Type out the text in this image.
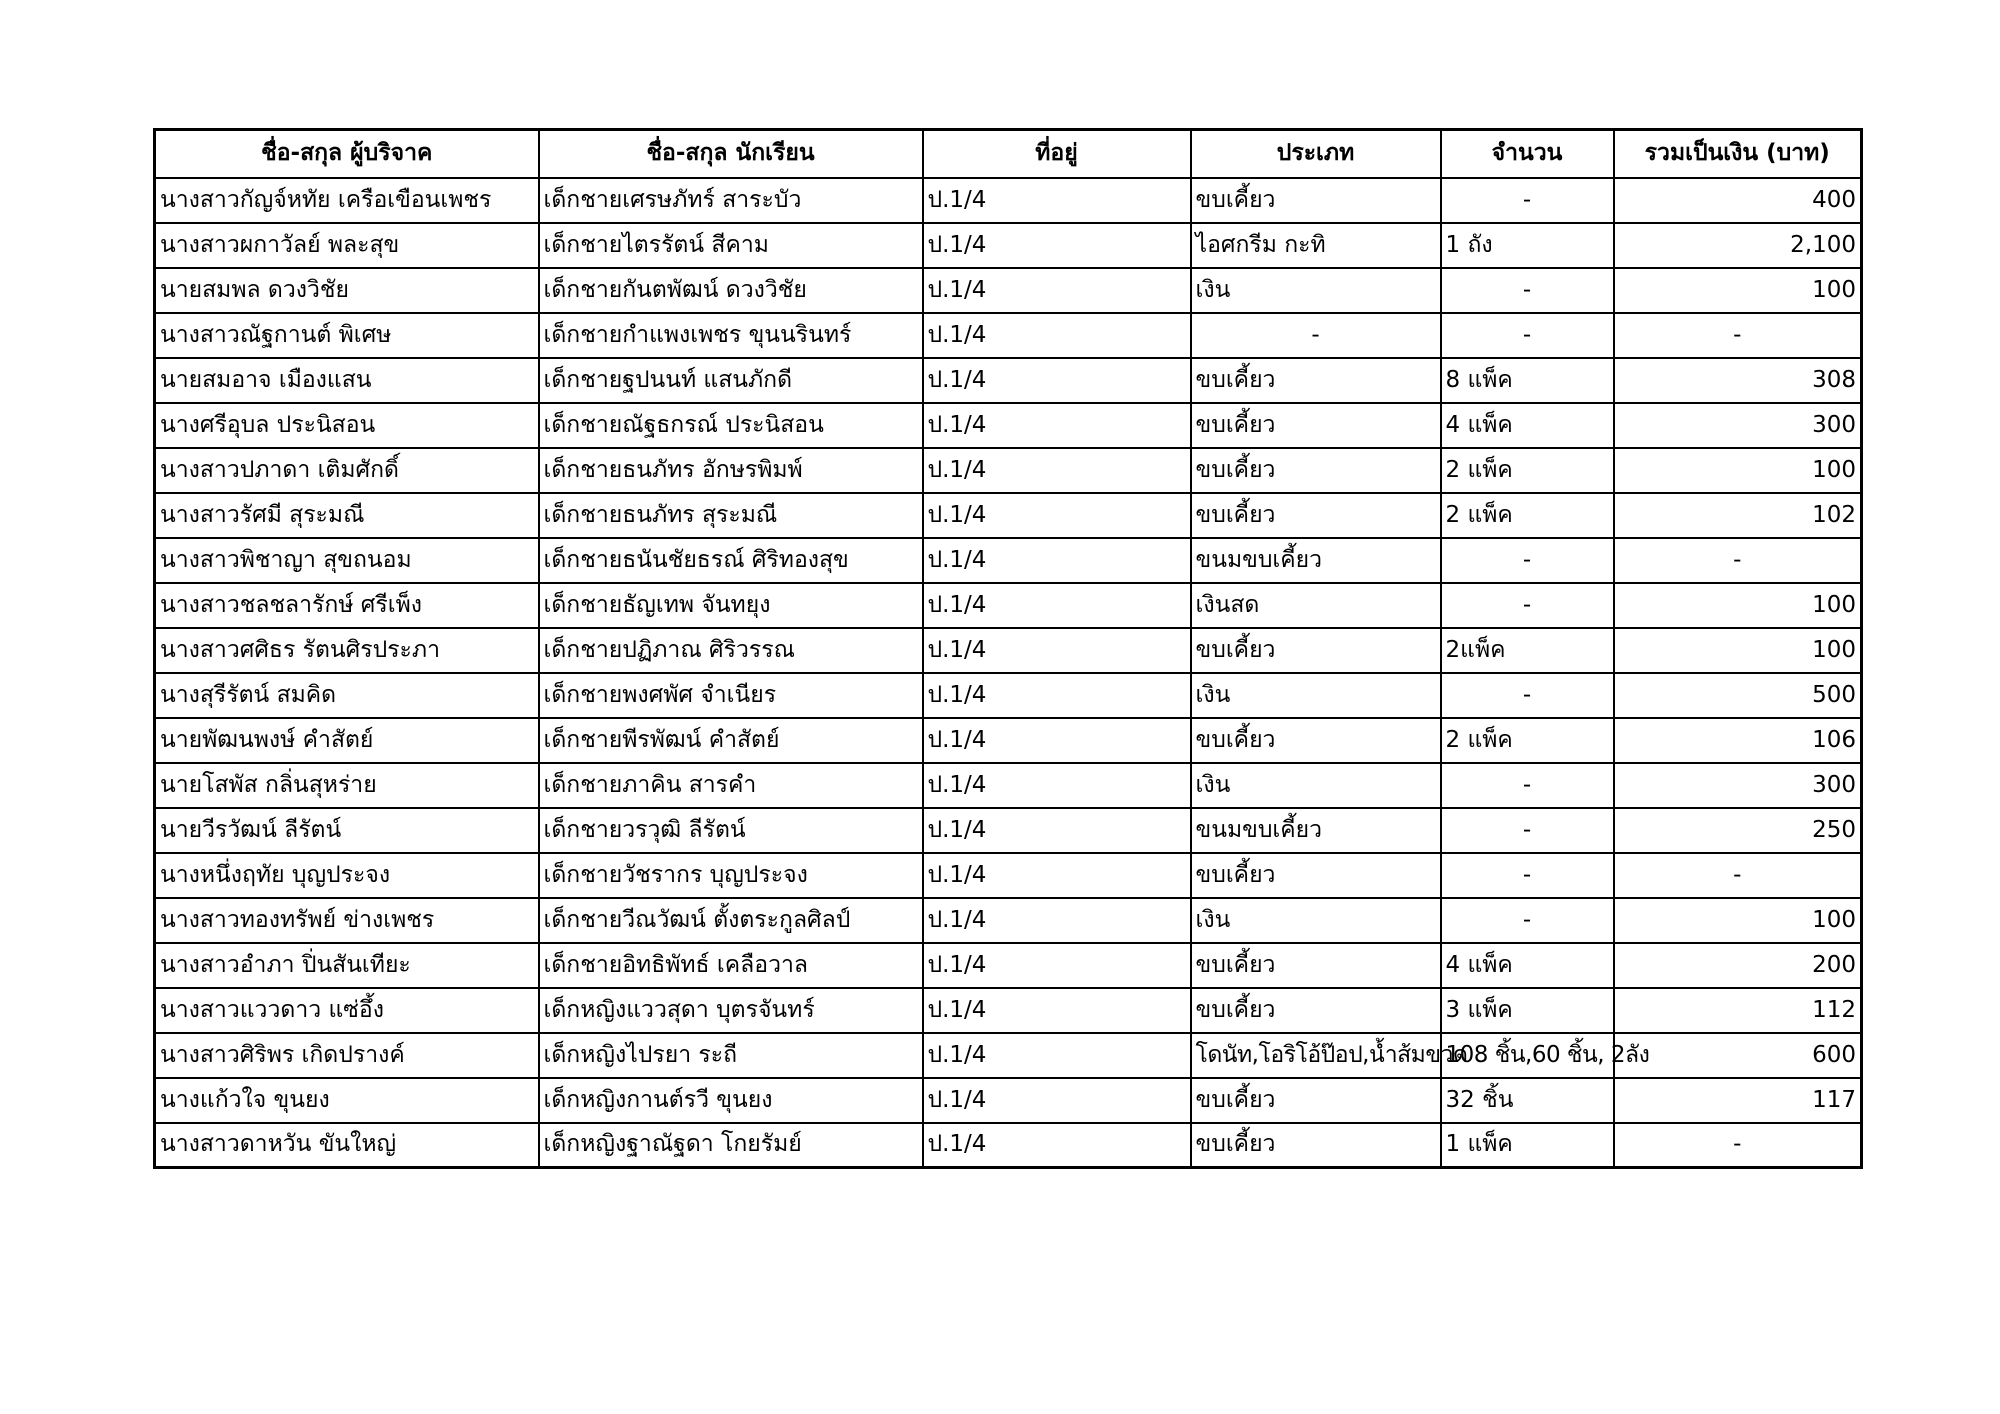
ชื่อ-สกุล ผู้บริจาค	ชื่อ-สกุล นักเรียน	ที่อยู่	ประเภท	จำนวน	รวมเป็นเงิน (บาท)
นางสาวกัญจ์หทัย เครือเขือนเพชร	เด็กชายเศรษภัทร์ สาระบัว	ป.1/4	ขบเคี้ยว	-	400
นางสาวผกาวัลย์ พละสุข	เด็กชายไตรรัตน์ สีคาม	ป.1/4	ไอศกรีม กะทิ	1 ถัง	2,100
นายสมพล ดวงวิชัย	เด็กชายกันตพัฒน์ ดวงวิชัย	ป.1/4	เงิน	-	100
นางสาวณัฐกานต์ พิเศษ	เด็กชายกำแพงเพชร ขุนนรินทร์	ป.1/4	-	-	-
นายสมอาจ เมืองแสน	เด็กชายฐปนนท์ แสนภักดี	ป.1/4	ขบเคี้ยว	8 แพ็ค	308
นางศรีอุบล ประนิสอน	เด็กชายณัฐธกรณ์ ประนิสอน	ป.1/4	ขบเคี้ยว	4 แพ็ค	300
นางสาวปภาดา เติมศักดิ์	เด็กชายธนภัทร อักษรพิมพ์	ป.1/4	ขบเคี้ยว	2 แพ็ค	100
นางสาวรัศมี สุระมณี	เด็กชายธนภัทร สุระมณี	ป.1/4	ขบเคี้ยว	2 แพ็ค	102
นางสาวพิชาญา สุขถนอม	เด็กชายธนันชัยธรณ์ ศิริทองสุข	ป.1/4	ขนมขบเคี้ยว	-	-
นางสาวชลชลารักษ์ ศรีเพ็ง	เด็กชายธัญเทพ จันทยุง	ป.1/4	เงินสด	-	100
นางสาวศศิธร รัตนศิรประภา	เด็กชายปฏิภาณ ศิริวรรณ	ป.1/4	ขบเคี้ยว	2แพ็ค	100
นางสุรีรัตน์ สมคิด	เด็กชายพงศพัศ จำเนียร	ป.1/4	เงิน	-	500
นายพัฒนพงษ์ คำสัตย์	เด็กชายพีรพัฒน์ คำสัตย์	ป.1/4	ขบเคี้ยว	2 แพ็ค	106
นายโสพัส กลิ่นสุหร่าย	เด็กชายภาคิน สารคำ	ป.1/4	เงิน	-	300
นายวีรวัฒน์ ลีรัตน์	เด็กชายวรวุฒิ ลีรัตน์	ป.1/4	ขนมขบเคี้ยว	-	250
นางหนึ่งฤทัย บุญประจง	เด็กชายวัชรากร บุญประจง	ป.1/4	ขบเคี้ยว	-	-
นางสาวทองทรัพย์ ข่างเพชร	เด็กชายวีณวัฒน์ ตั้งตระกูลศิลป์	ป.1/4	เงิน	-	100
นางสาวอำภา ปิ่นสันเทียะ	เด็กชายอิทธิพัทธ์ เคลือวาล	ป.1/4	ขบเคี้ยว	4 แพ็ค	200
นางสาวแววดาว แซ่อึ้ง	เด็กหญิงแววสุดา บุตรจันทร์	ป.1/4	ขบเคี้ยว	3 แพ็ค	112
นางสาวศิริพร เกิดปรางค์	เด็กหญิงไปรยา ระถี	ป.1/4	โดนัท,โอริโอ้ป๊อป,น้ำส้มขวด	108 ชิ้น,60 ชิ้น, 2ลัง	600
นางแก้วใจ ขุนยง	เด็กหญิงกานต์รวี ขุนยง	ป.1/4	ขบเคี้ยว	32 ชิ้น	117
นางสาวดาหวัน ขันใหญ่	เด็กหญิงฐาณัฐดา โกยรัมย์	ป.1/4	ขบเคี้ยว	1 แพ็ค	-
